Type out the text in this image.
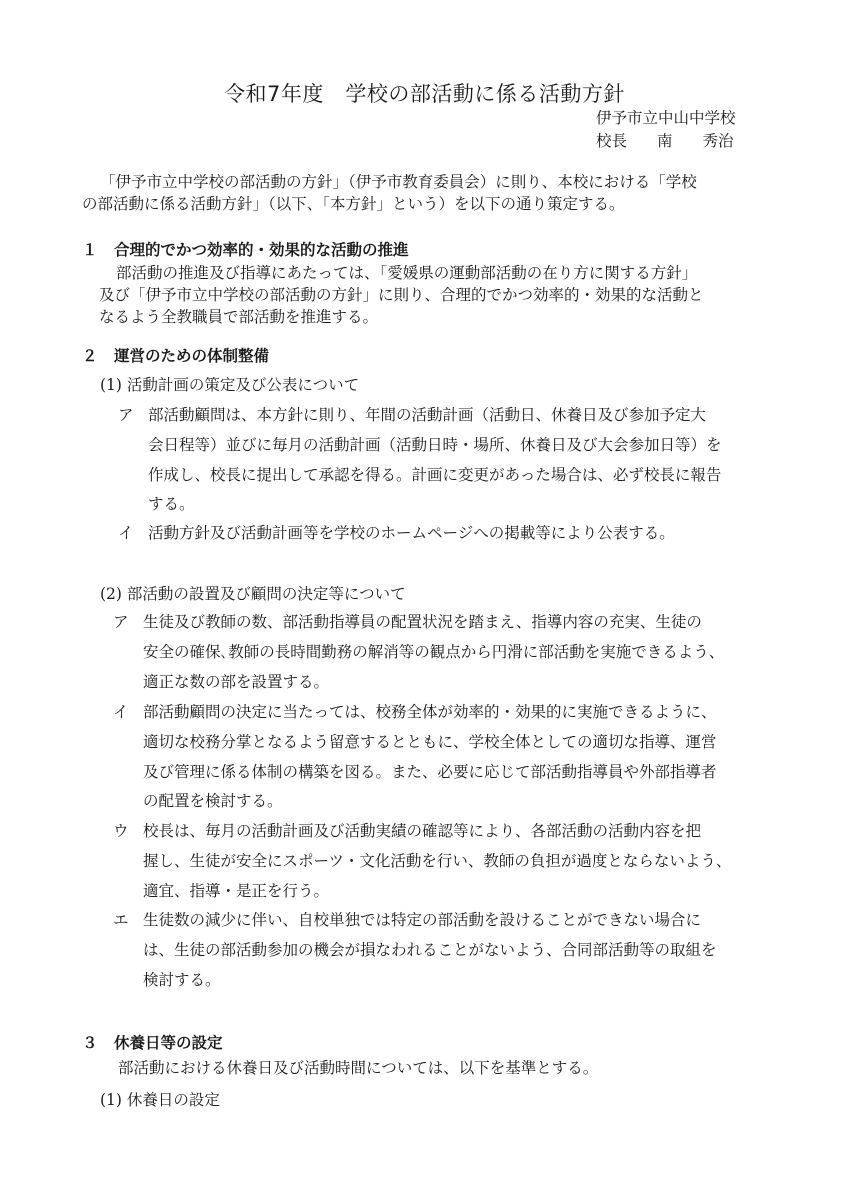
令和7年度　学校の部活動に係る活動方針
伊予市立中山中学校
校長 南 秀治
「伊予市立中学校の部活動の方針」（伊予市教育委員会）に則り、本校における「学校
の部活動に係る活動方針」（以下、「本方針」という）を以下の通り策定する。
１ 合理的でかつ効率的・効果的な活動の推進
部活動の推進及び指導にあたっては、「愛媛県の運動部活動の在り方に関する方針」
及び「伊予市立中学校の部活動の方針」に則り、合理的でかつ効率的・効果的な活動と
なるよう全教職員で部活動を推進する。
２ 運営のための体制整備
(1) 活動計画の策定及び公表について
ア 部活動顧問は、本方針に則り、年間の活動計画（活動日、休養日及び参加予定大
会日程等）並びに毎月の活動計画（活動日時・場所、休養日及び大会参加日等）を
作成し、校長に提出して承認を得る。計画に変更があった場合は、必ず校長に報告
する。
イ 活動方針及び活動計画等を学校のホームページへの掲載等により公表する。
(2) 部活動の設置及び顧問の決定等について
ア 生徒及び教師の数、部活動指導員の配置状況を踏まえ、指導内容の充実、生徒の
安全の確保､教師の長時間勤務の解消等の観点から円滑に部活動を実施できるよう、
適正な数の部を設置する。
イ 部活動顧問の決定に当たっては、校務全体が効率的・効果的に実施できるように、
適切な校務分掌となるよう留意するとともに、学校全体としての適切な指導、運営
及び管理に係る体制の構築を図る。また、必要に応じて部活動指導員や外部指導者
の配置を検討する。
ウ 校長は、毎月の活動計画及び活動実績の確認等により、各部活動の活動内容を把
握し、生徒が安全にスポーツ・文化活動を行い、教師の負担が過度とならないよう、
適宜、指導・是正を行う。
エ 生徒数の減少に伴い、自校単独では特定の部活動を設けることができない場合に
は、生徒の部活動参加の機会が損なわれることがないよう、合同部活動等の取組を
検討する。
３ 休養日等の設定
部活動における休養日及び活動時間については、以下を基準とする。
(1) 休養日の設定
